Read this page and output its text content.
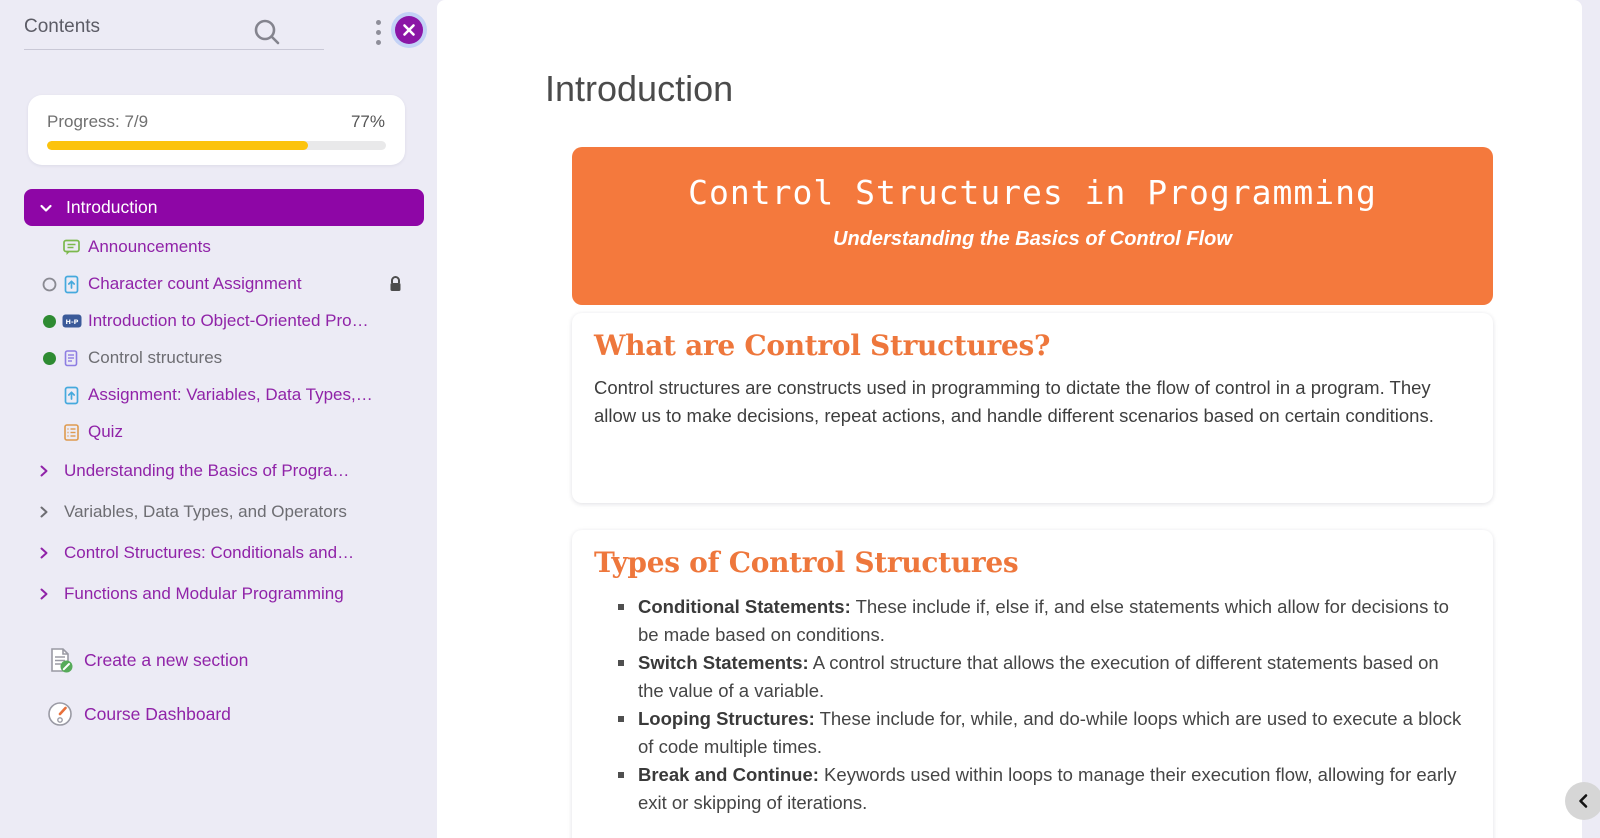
Contents
Progress: 7/9	77%
Introduction
Announcements
Character count Assignment
H-P Introduction to Object-Oriented Pro…
Control structures
Assignment: Variables, Data Types,…
Quiz
Understanding the Basics of Progra…
Variables, Data Types, and Operators
Control Structures: Conditionals and…
Functions and Modular Programming
Create a new section
Course Dashboard
Introduction
Control Structures in Programming
Understanding the Basics of Control Flow
What are Control Structures?

Control structures are constructs used in programming to dictate the flow of control in a program. They allow us to make decisions, repeat actions, and handle different scenarios based on certain conditions.

Types of Control Structures
Conditional Statements: These include if, else if, and else statements which allow for decisions to be made based on conditions.
Switch Statements: A control structure that allows the execution of different statements based on the value of a variable.
Looping Structures: These include for, while, and do-while loops which are used to execute a block of code multiple times.
Break and Continue: Keywords used within loops to manage their execution flow, allowing for early exit or skipping of iterations.
